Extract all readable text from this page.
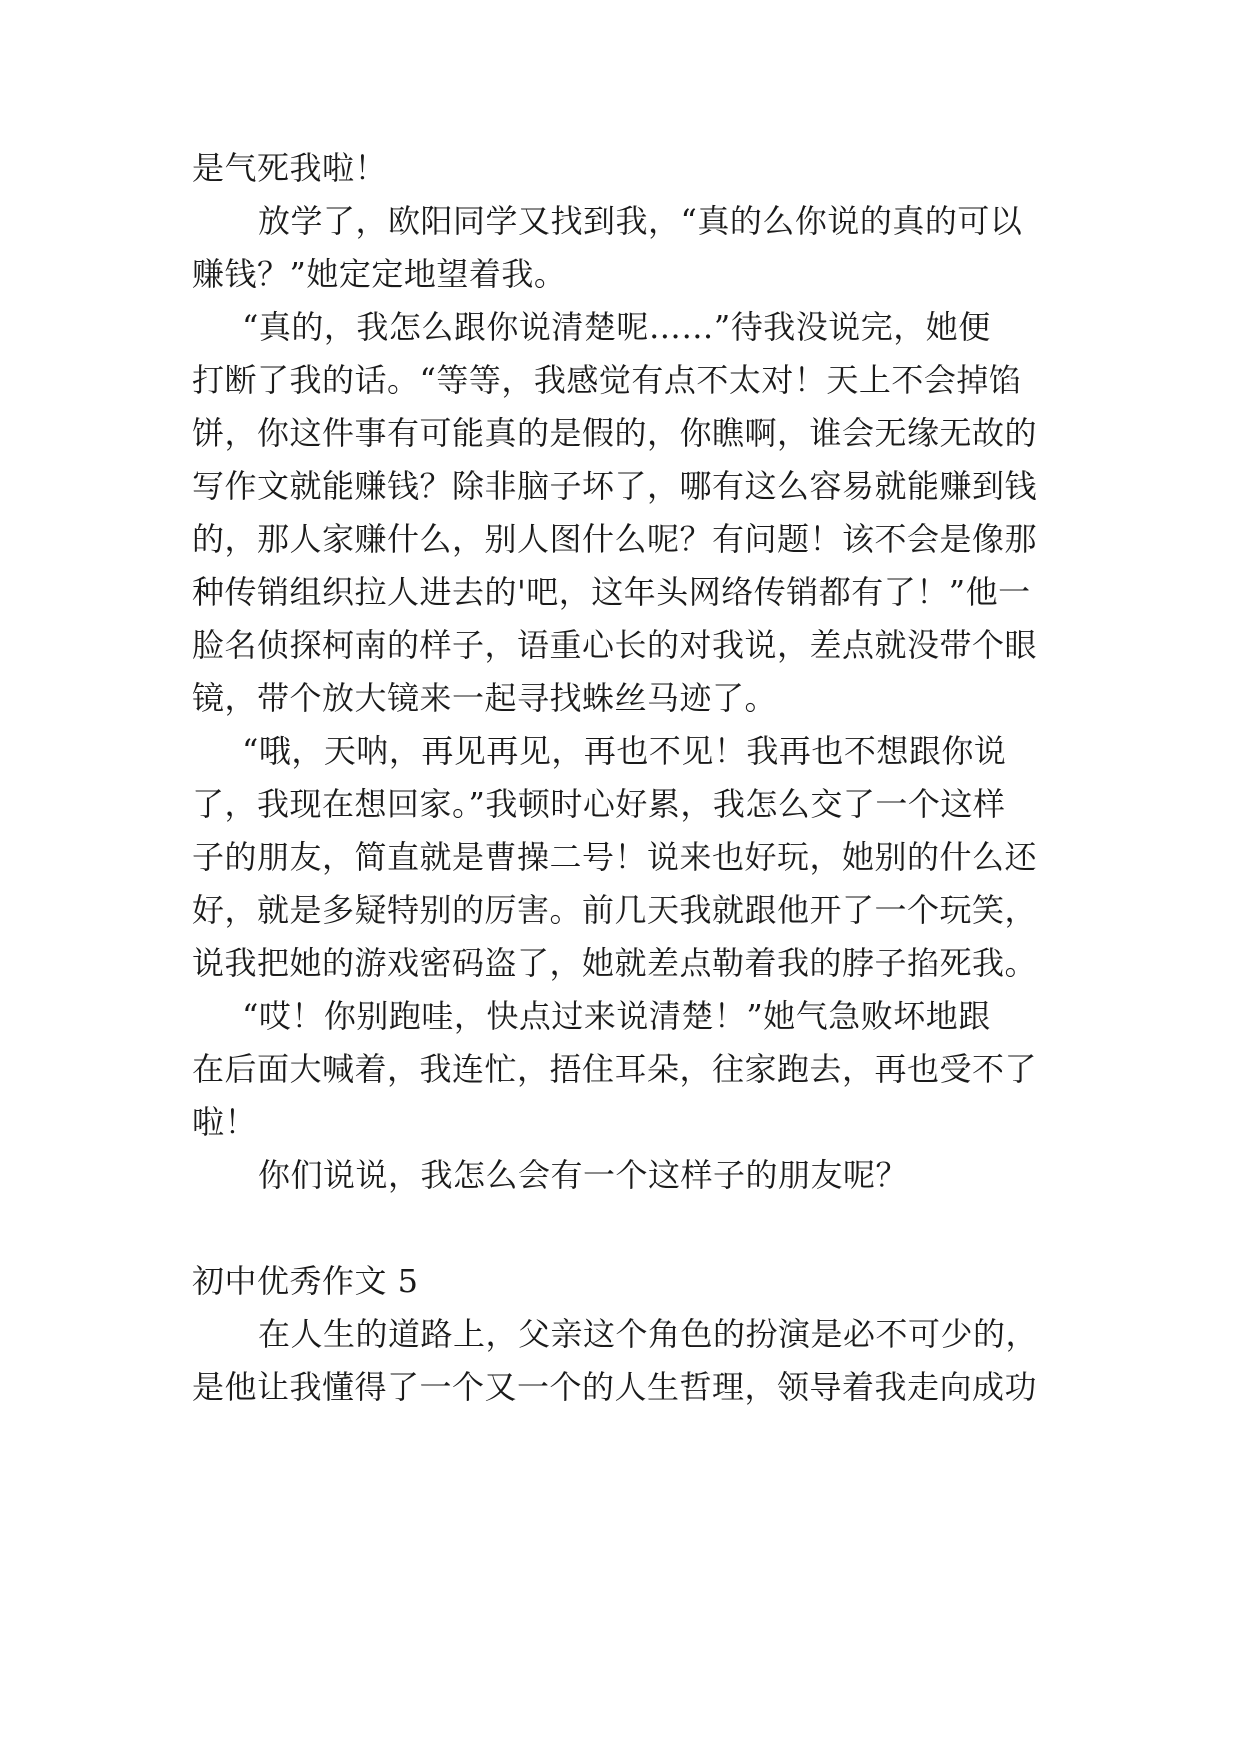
是气死我啦！
放学了，欧阳同学又找到我，“真的么你说的真的可以
赚钱？”她定定地望着我。
“真的，我怎么跟你说清楚呢……”待我没说完，她便
打断了我的话。“等等，我感觉有点不太对！天上不会掉馅
饼，你这件事有可能真的是假的，你瞧啊，谁会无缘无故的
写作文就能赚钱？除非脑子坏了，哪有这么容易就能赚到钱
的，那人家赚什么，别人图什么呢？有问题！该不会是像那
种传销组织拉人进去的'吧，这年头网络传销都有了！”他一
脸名侦探柯南的样子，语重心长的对我说，差点就没带个眼
镜，带个放大镜来一起寻找蛛丝马迹了。
“哦，天呐，再见再见，再也不见！我再也不想跟你说
了，我现在想回家。”我顿时心好累，我怎么交了一个这样
子的朋友，简直就是曹操二号！说来也好玩，她别的什么还
好，就是多疑特别的厉害。前几天我就跟他开了一个玩笑，
说我把她的游戏密码盗了，她就差点勒着我的脖子掐死我。
“哎！你别跑哇，快点过来说清楚！”她气急败坏地跟
在后面大喊着，我连忙，捂住耳朵，往家跑去，再也受不了
啦！
你们说说，我怎么会有一个这样子的朋友呢？
初中优秀作文 5
在人生的道路上，父亲这个角色的扮演是必不可少的，
是他让我懂得了一个又一个的人生哲理，领导着我走向成功
